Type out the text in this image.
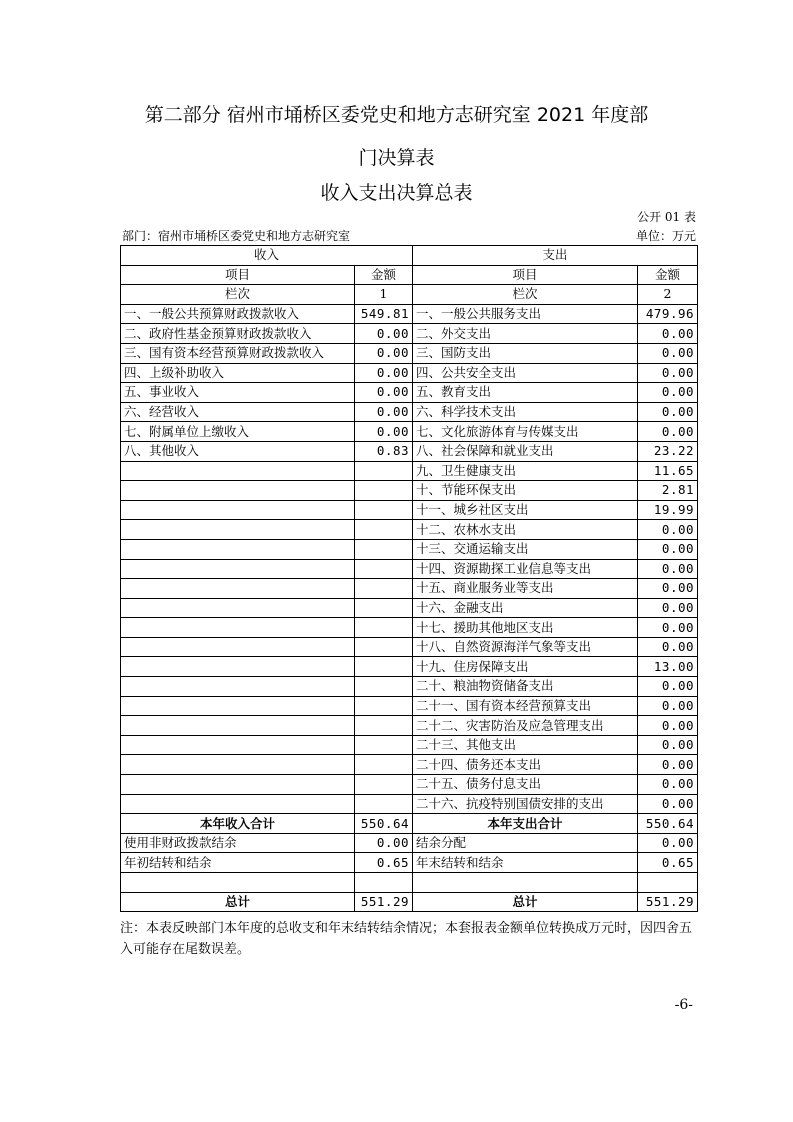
第二部分 宿州市埇桥区委党史和地方志研究室 2021 年度部
门决算表
收入支出决算总表
公开 01 表
部门：宿州市埇桥区委党史和地方志研究室	单位：万元
收入		支出	
项目	金额	项目	金额
栏次	1	栏次	2
一、一般公共预算财政拨款收入	549.81	一、一般公共服务支出	479.96
二、政府性基金预算财政拨款收入	0.00	二、外交支出	0.00
三、国有资本经营预算财政拨款收入	0.00	三、国防支出	0.00
四、上级补助收入	0.00	四、公共安全支出	0.00
五、事业收入	0.00	五、教育支出	0.00
六、经营收入	0.00	六、科学技术支出	0.00
七、附属单位上缴收入	0.00	七、文化旅游体育与传媒支出	0.00
八、其他收入	0.83	八、社会保障和就业支出	23.22
		九、卫生健康支出	11.65
		十、节能环保支出	2.81
		十一、城乡社区支出	19.99
		十二、农林水支出	0.00
		十三、交通运输支出	0.00
		十四、资源勘探工业信息等支出	0.00
		十五、商业服务业等支出	0.00
		十六、金融支出	0.00
		十七、援助其他地区支出	0.00
		十八、自然资源海洋气象等支出	0.00
		十九、住房保障支出	13.00
		二十、粮油物资储备支出	0.00
		二十一、国有资本经营预算支出	0.00
		二十二、灾害防治及应急管理支出	0.00
		二十三、其他支出	0.00
		二十四、债务还本支出	0.00
		二十五、债务付息支出	0.00
		二十六、抗疫特别国债安排的支出	0.00
本年收入合计	550.64	本年支出合计	550.64
使用非财政拨款结余	0.00	结余分配	0.00
年初结转和结余	0.65	年末结转和结余	0.65

总计	551.29	总计	551.29
注：本表反映部门本年度的总收支和年末结转结余情况；本套报表金额单位转换成万元时，因四舍五入可能存在尾数误差。
-6-
